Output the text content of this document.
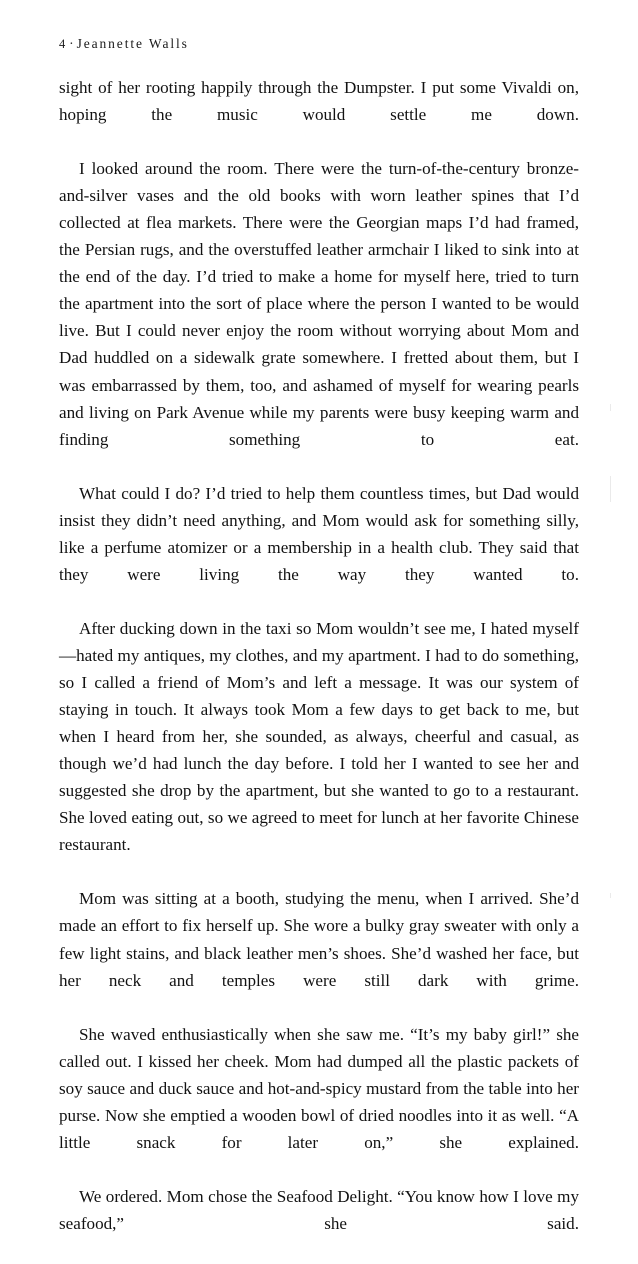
4 ·Jeannette Walls

sight of her rooting happily through the Dumpster. I put some Vivaldi on, hoping the music would settle me down.

I looked around the room. There were the turn-of-the-century bronze-and-silver vases and the old books with worn leather spines that I’d collected at flea markets. There were the Georgian maps I’d had framed, the Persian rugs, and the overstuffed leather armchair I liked to sink into at the end of the day. I’d tried to make a home for myself here, tried to turn the apartment into the sort of place where the person I wanted to be would live. But I could never enjoy the room without worrying about Mom and Dad huddled on a sidewalk grate somewhere. I fretted about them, but I was embarrassed by them, too, and ashamed of myself for wearing pearls and living on Park Avenue while my parents were busy keeping warm and finding something to eat.

What could I do? I’d tried to help them countless times, but Dad would insist they didn’t need anything, and Mom would ask for something silly, like a perfume atomizer or a membership in a health club. They said that they were living the way they wanted to.

After ducking down in the taxi so Mom wouldn’t see me, I hated myself—hated my antiques, my clothes, and my apartment. I had to do something, so I called a friend of Mom’s and left a message. It was our system of staying in touch. It always took Mom a few days to get back to me, but when I heard from her, she sounded, as always, cheerful and casual, as though we’d had lunch the day before. I told her I wanted to see her and suggested she drop by the apartment, but she wanted to go to a restaurant. She loved eating out, so we agreed to meet for lunch at her favorite Chinese restaurant.

Mom was sitting at a booth, studying the menu, when I arrived. She’d made an effort to fix herself up. She wore a bulky gray sweater with only a few light stains, and black leather men’s shoes. She’d washed her face, but her neck and temples were still dark with grime.

She waved enthusiastically when she saw me. “It’s my baby girl!” she called out. I kissed her cheek. Mom had dumped all the plastic packets of soy sauce and duck sauce and hot-and-spicy mustard from the table into her purse. Now she emptied a wooden bowl of dried noodles into it as well. “A little snack for later on,” she explained.

We ordered. Mom chose the Seafood Delight. “You know how I love my seafood,” she said.
